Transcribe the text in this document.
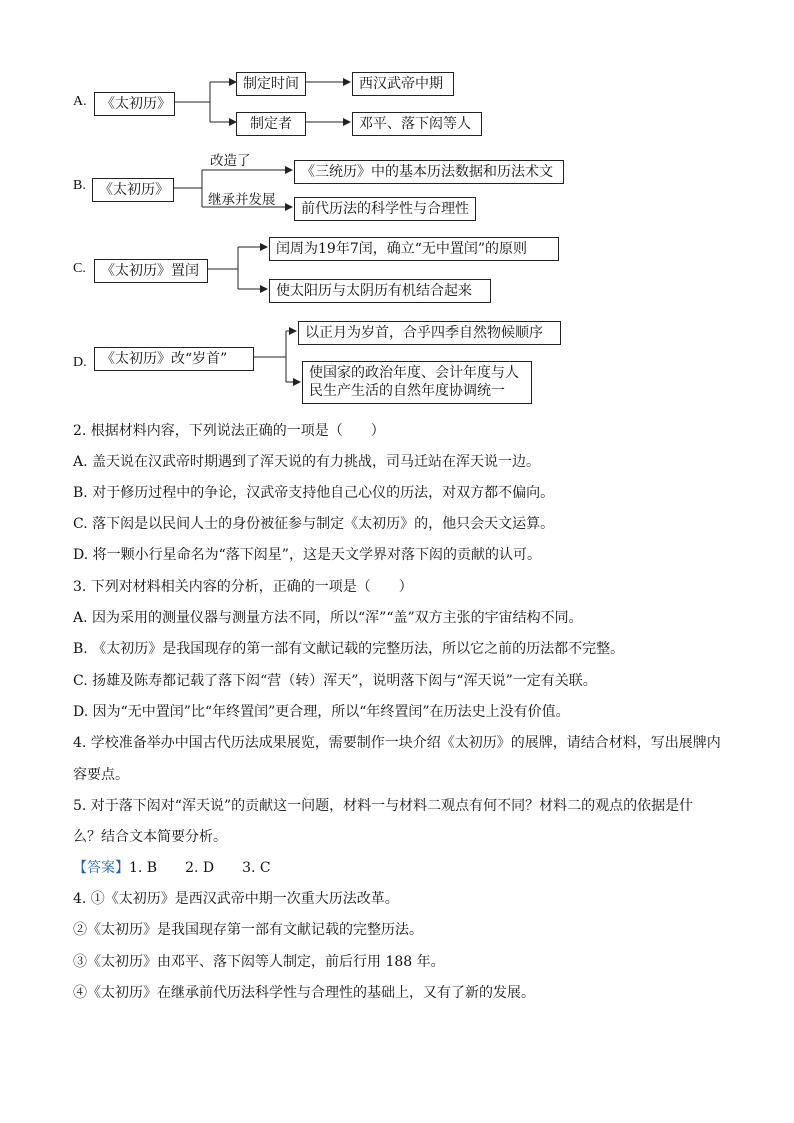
A.	《太初历》
制定时间
制定者
西汉武帝中期
邓平、落下闳等人
B. 《太初历》
改造了
继承并发展
《三统历》中的基本历法数据和历法术文
前代历法的科学性与合理性
C.	《太初历》置闰
闰周为19年7闰，确立“无中置闰”的原则
使太阳历与太阴历有机结合起来
D.	《太初历》改“岁首”
以正月为岁首，合乎四季自然物候顺序
使国家的政治年度、会计年度与人
民生产生活的自然年度协调统一
2. 根据材料内容，下列说法正确的一项是（　　）
A. 盖天说在汉武帝时期遇到了浑天说的有力挑战，司马迁站在浑天说一边。
B. 对于修历过程中的争论，汉武帝支持他自己心仪的历法，对双方都不偏向。
C. 落下闳是以民间人士的身份被征参与制定《太初历》的，他只会天文运算。
D. 将一颗小行星命名为“落下闳星”，这是天文学界对落下闳的贡献的认可。
3. 下列对材料相关内容的分析，正确的一项是（　　）
A. 因为采用的测量仪器与测量方法不同，所以“浑”“盖”双方主张的宇宙结构不同。
B. 《太初历》是我国现存的第一部有文献记载的完整历法，所以它之前的历法都不完整。
C. 扬雄及陈寿都记载了落下闳“营（转）浑天”，说明落下闳与“浑天说”一定有关联。
D. 因为“无中置闰”比“年终置闰”更合理，所以“年终置闰”在历法史上没有价值。
4. 学校准备举办中国古代历法成果展览，需要制作一块介绍《太初历》的展牌，请结合材料，写出展牌内
容要点。
5. 对于落下闳对“浑天说”的贡献这一问题，材料一与材料二观点有何不同？材料二的观点的依据是什
么？结合文本简要分析。
【答案】1. B　　2. D　　3. C
4. ①《太初历》是西汉武帝中期一次重大历法改革。
②《太初历》是我国现存第一部有文献记载的完整历法。
③《太初历》由邓平、落下闳等人制定，前后行用 188 年。
④《太初历》在继承前代历法科学性与合理性的基础上，又有了新的发展。
